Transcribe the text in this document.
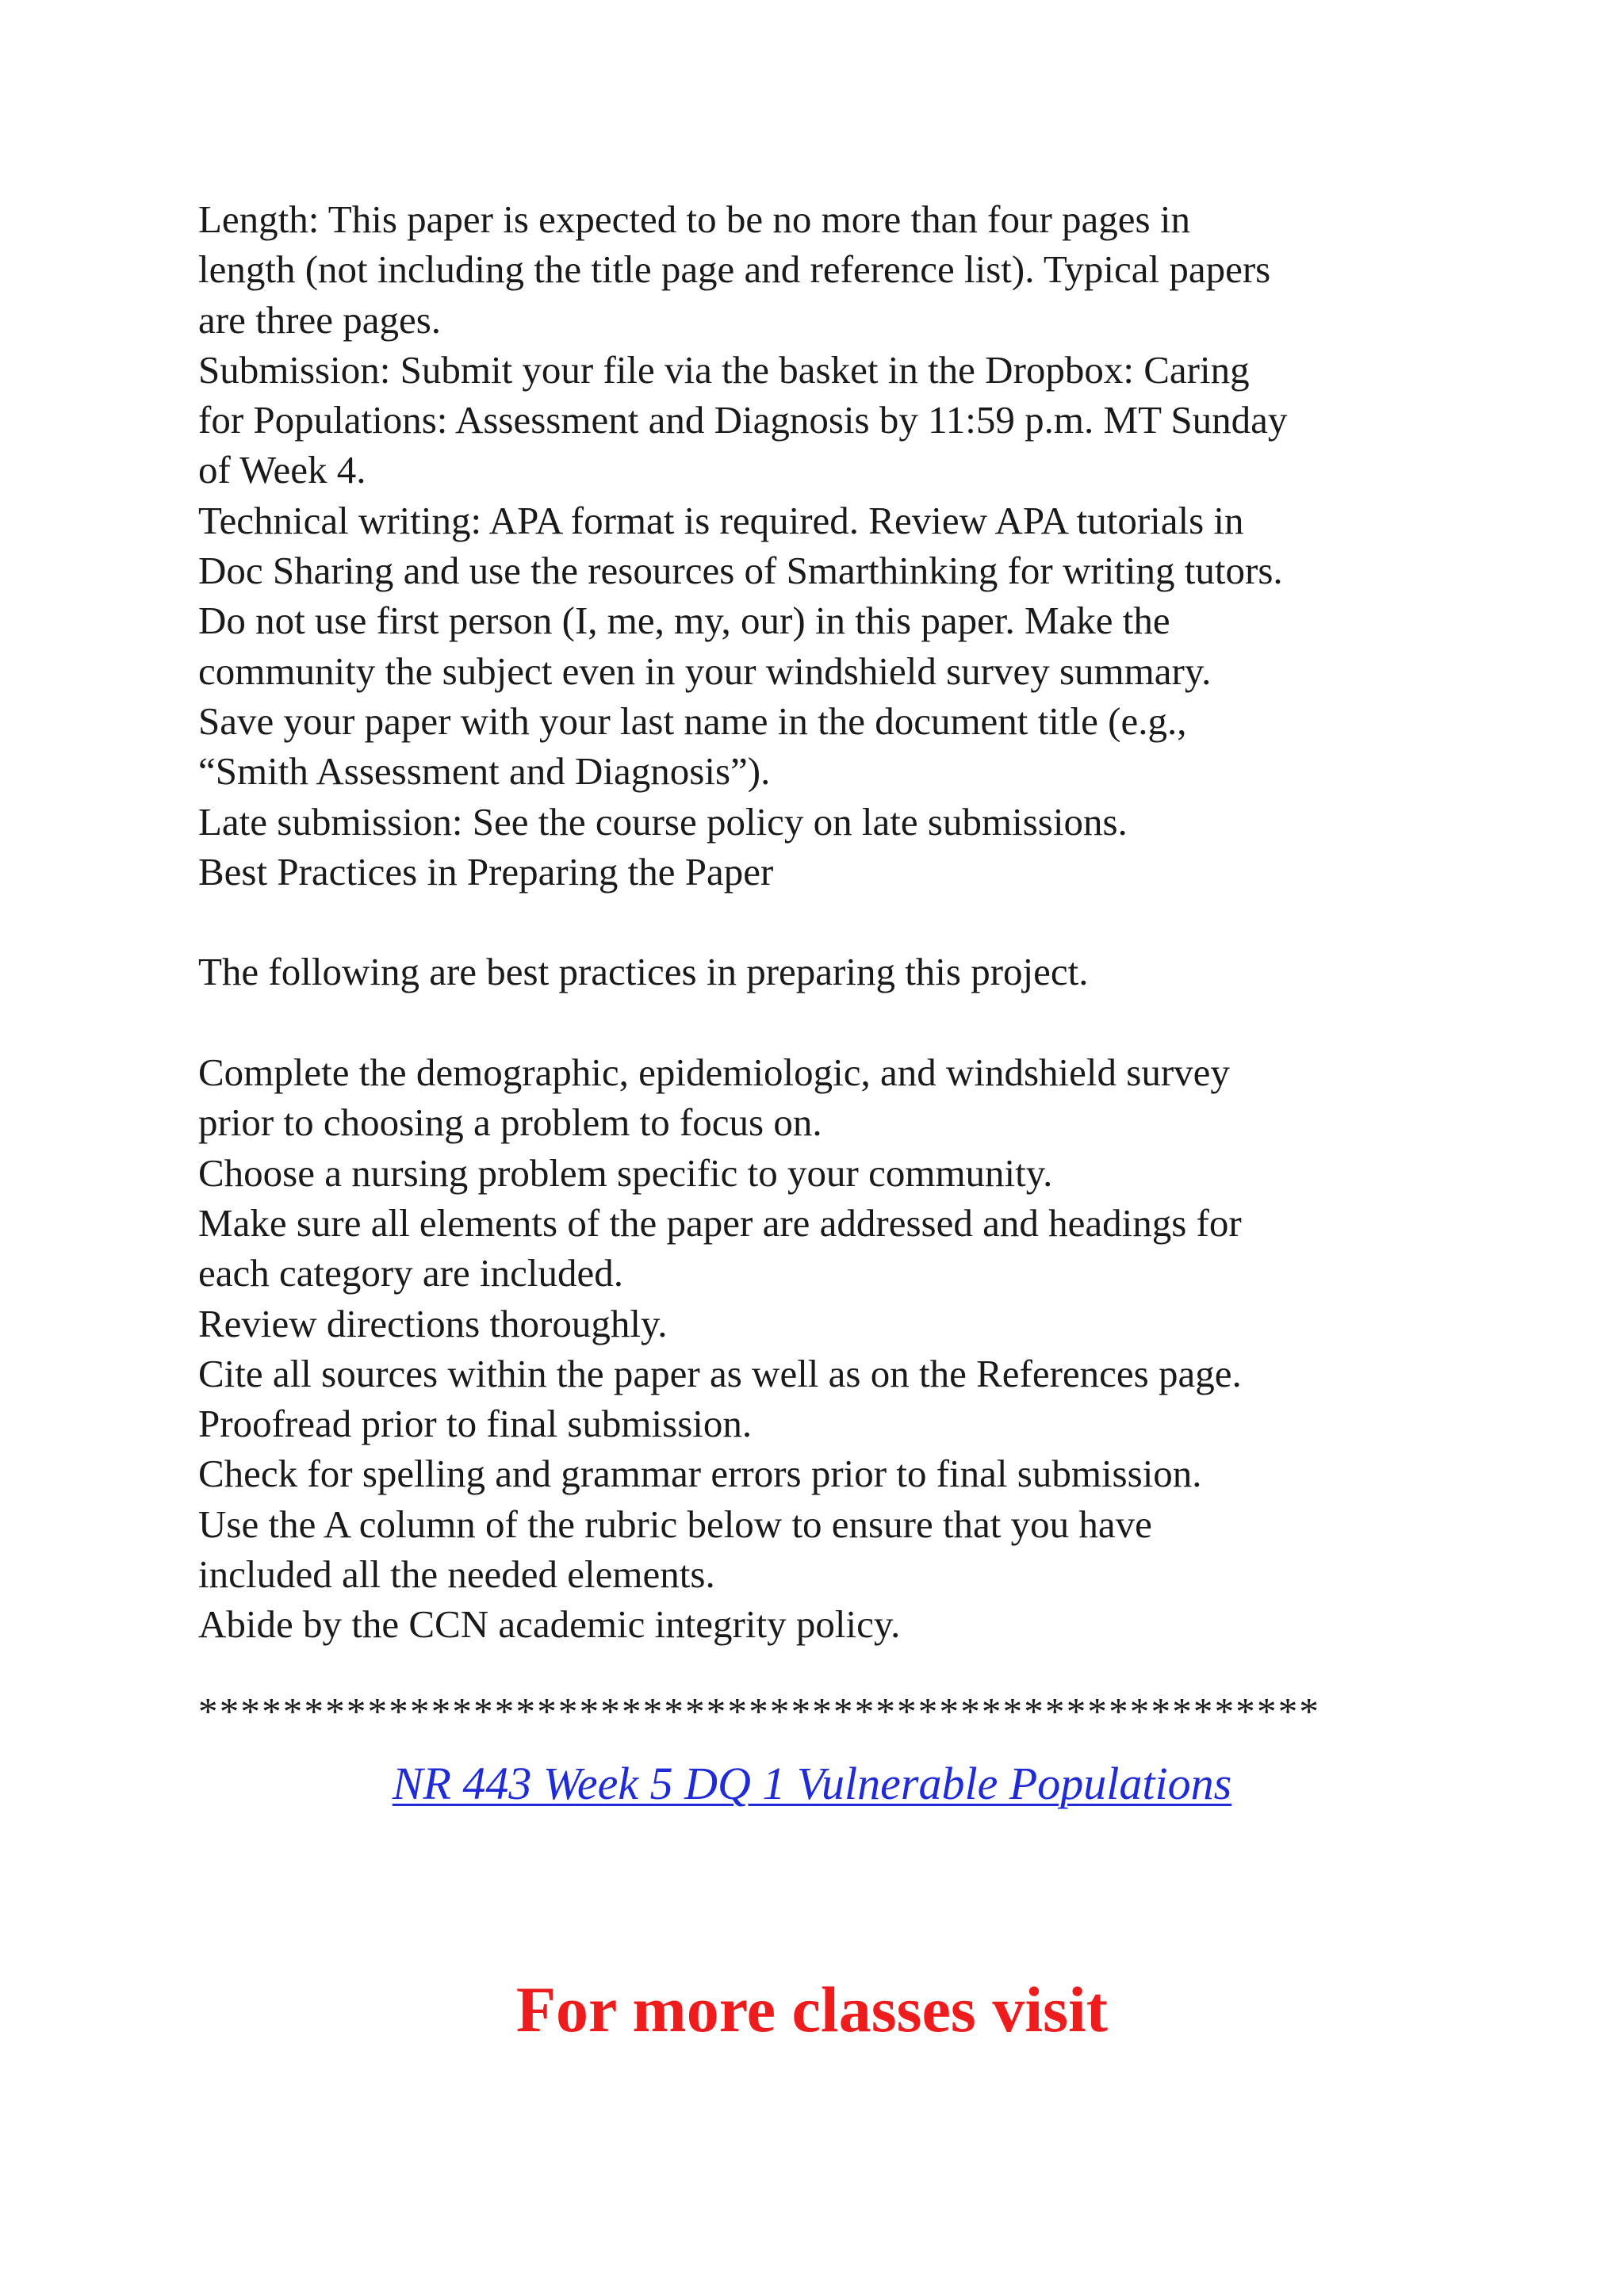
Length: This paper is expected to be no more than four pages in
length (not including the title page and reference list). Typical papers
are three pages.
Submission: Submit your file via the basket in the Dropbox: Caring
for Populations: Assessment and Diagnosis by 11:59 p.m. MT Sunday
of Week 4.
Technical writing: APA format is required. Review APA tutorials in
Doc Sharing and use the resources of Smarthinking for writing tutors.
Do not use first person (I, me, my, our) in this paper. Make the
community the subject even in your windshield survey summary.
Save your paper with your last name in the document title (e.g.,
“Smith Assessment and Diagnosis”).
Late submission: See the course policy on late submissions.
Best Practices in Preparing the Paper
The following are best practices in preparing this project.
Complete the demographic, epidemiologic, and windshield survey
prior to choosing a problem to focus on.
Choose a nursing problem specific to your community.
Make sure all elements of the paper are addressed and headings for
each category are included.
Review directions thoroughly.
Cite all sources within the paper as well as on the References page.
Proofread prior to final submission.
Check for spelling and grammar errors prior to final submission.
Use the A column of the rubric below to ensure that you have
included all the needed elements.
Abide by the CCN academic integrity policy.
*****************************************************
NR 443 Week 5 DQ 1 Vulnerable Populations
For more classes visit
